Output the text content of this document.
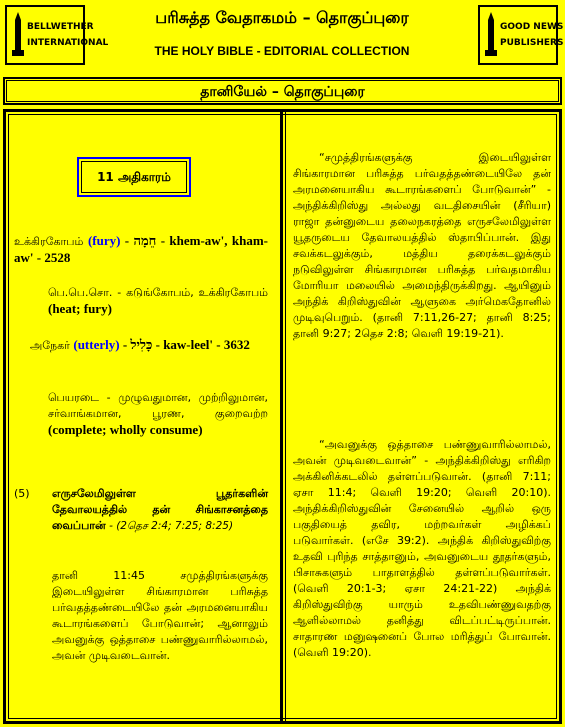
BELLWETHER
INTERNATIONAL
பரிசுத்த வேதாகமம் – தொகுப்புரை
THE HOLY BIBLE - EDITORIAL COLLECTION
GOOD NEWS
PUBLISHERS
தானியேல் – தொகுப்புரை
11 அதிகாரம்
உக்கிரகோபம் (fury) - חֵמָה - khem-aw', kham-aw' - 2528
பெ.பெ.சொ. - கடுங்கோபம், உக்கிரகோபம் (heat; fury)
அநேகர் (utterly) - כָּלִיל - kaw-leel' - 3632
பெயரடை - முழுவதுமான, முற்றிலுமான, சர்வாங்கமான, பூரண, குறைவற்ற (complete; wholly consume)
(5)	எருசலேமிலுள்ள பூதர்களின் தேவாலயத்தில் தன் சிங்காசனத்தை வைப்பான் - (2தெச 2:4; 7:25; 8:25)
தானி 11:45 சமுத்திரங்களுக்கு இடையிலுள்ள சிங்காரமான பரிசுத்த பர்வதத்தண்டையிலே தன் அரமனையாகிய கூடாரங்களைப் போடுவான்; ஆனாலும் அவனுக்கு ஒத்தாசை பண்ணுவாரில்லாமல், அவன் முடிவடைவான்.
“சமுத்திரங்களுக்கு இடையிலுள்ள சிங்காரமான பரிசுத்த பர்வதத்தண்டையிலே தன் அரமனையாகிய கூடாரங்களைப் போடுவான்” - அந்திக்கிறிஸ்து அல்லது வடதிசையின் (சீரியா) ராஜா தன்னுடைய தலைநகரத்தை எருசலேமிலுள்ள யூதருடைய தேவாலயத்தில் ஸ்தாபிப்பான். இது சவக்கடலுக்கும், மத்திய தரைக்கடலுக்கும் நடுவிலுள்ள சிங்காரமான பரிசுத்த பர்வதமாகிய மோரியா மலையில் அமைந்திருக்கிறது. ஆயினும் அந்திக் கிறிஸ்துவின் ஆளுகை அர்மெகதோனில் முடிவுபெறும். (தானி 7:11,26-27; தானி 8:25; தானி 9:27; 2தெச 2:8; வெளி 19:19-21).
“அவனுக்கு ஒத்தாசை பண்ணுவாரில்லாமல், அவன் முடிவடைவான்” - அந்திக்கிறிஸ்து எரிகிற அக்கினிக்கடலில் தள்ளப்படுவான். (தானி 7:11; ஏசா 11:4; வெளி 19:20; வெளி 20:10). அந்திக்கிறிஸ்துவின் சேனையில் ஆறில் ஒரு பகுதியைத் தவிர, மற்றவர்கள் அழிக்கப் படுவார்கள். (எசே 39:2). அந்திக் கிறிஸ்துவிற்கு உதவி புரிந்த சாத்தானும், அவனுடைய தூதர்களும், பிசாசுகளும் பாதாளத்தில் தள்ளப்படுவார்கள். (வெளி 20:1-3; ஏசா 24:21-22) அந்திக் கிறிஸ்துவிற்கு யாரும் உதவிபண்ணுவதற்கு ஆளில்லாமல் தனித்து விடப்பட்டிருப்பான். சாதாரண மனுஷனைப் போல மரித்துப் போவான். (வெளி 19:20).
